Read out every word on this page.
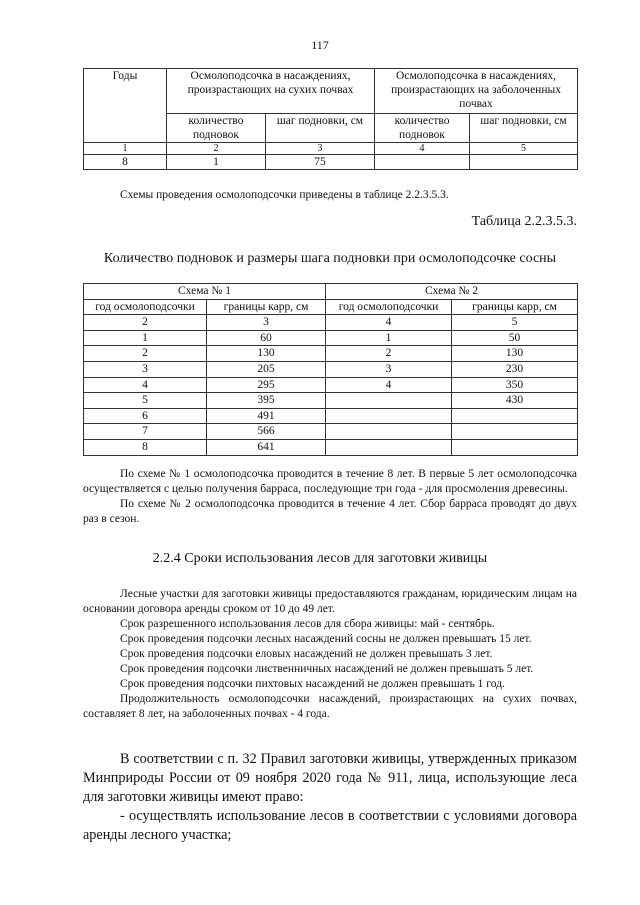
117
Годы	Осмолоподсочка в насаждениях, произрастающих на сухих почвах		Осмолоподсочка в насаждениях, произрастающих на заболоченных почвах	
	количество подновок	шаг подновки, см	количество подновок	шаг подновки, см
1	2	3	4	5
8	1	75		
Схемы проведения осмолоподсочки приведены в таблице 2.2.3.5.3.
Таблица 2.2.3.5.3.
Количество подновок и размеры шага подновки при осмолоподсочке сосны
Схема № 1		Схема № 2	
год осмолоподсочки	границы карр, см	год осмолоподсочки	границы карр, см
2	3	4	5
1	60	1	50
2	130	2	130
3	205	3	230
4	295	4	350
5	395		430
6	491		
7	566		
8	641		
По схеме № 1 осмолоподсочка проводится в течение 8 лет. В первые 5 лет осмолоподсочка осуществляется с целью получения барраса, последующие три года - для просмоления древесины.
По схеме № 2 осмолоподсочка проводится в течение 4 лет. Сбор барраса проводят до двух раз в сезон.
2.2.4 Сроки использования лесов для заготовки живицы
Лесные участки для заготовки живицы предоставляются гражданам, юридическим лицам на основании договора аренды сроком от 10 до 49 лет.
Срок разрешенного использования лесов для сбора живицы: май - сентябрь.
Срок проведения подсочки лесных насаждений сосны не должен превышать 15 лет.
Срок проведения подсочки еловых насаждений не должен превышать 3 лет.
Срок проведения подсочки лиственничных насаждений не должен превышать 5 лет.
Срок проведения подсочки пихтовых насаждений не должен превышать 1 год.
Продолжительность осмолоподсочки насаждений, произрастающих на сухих почвах, составляет 8 лет, на заболоченных почвах - 4 года.
В соответствии с п. 32 Правил заготовки живицы, утвержденных приказом Минприроды России от 09 ноября 2020 года № 911, лица, использующие леса для заготовки живицы имеют право:
- осуществлять использование лесов в соответствии с условиями договора аренды лесного участка;
